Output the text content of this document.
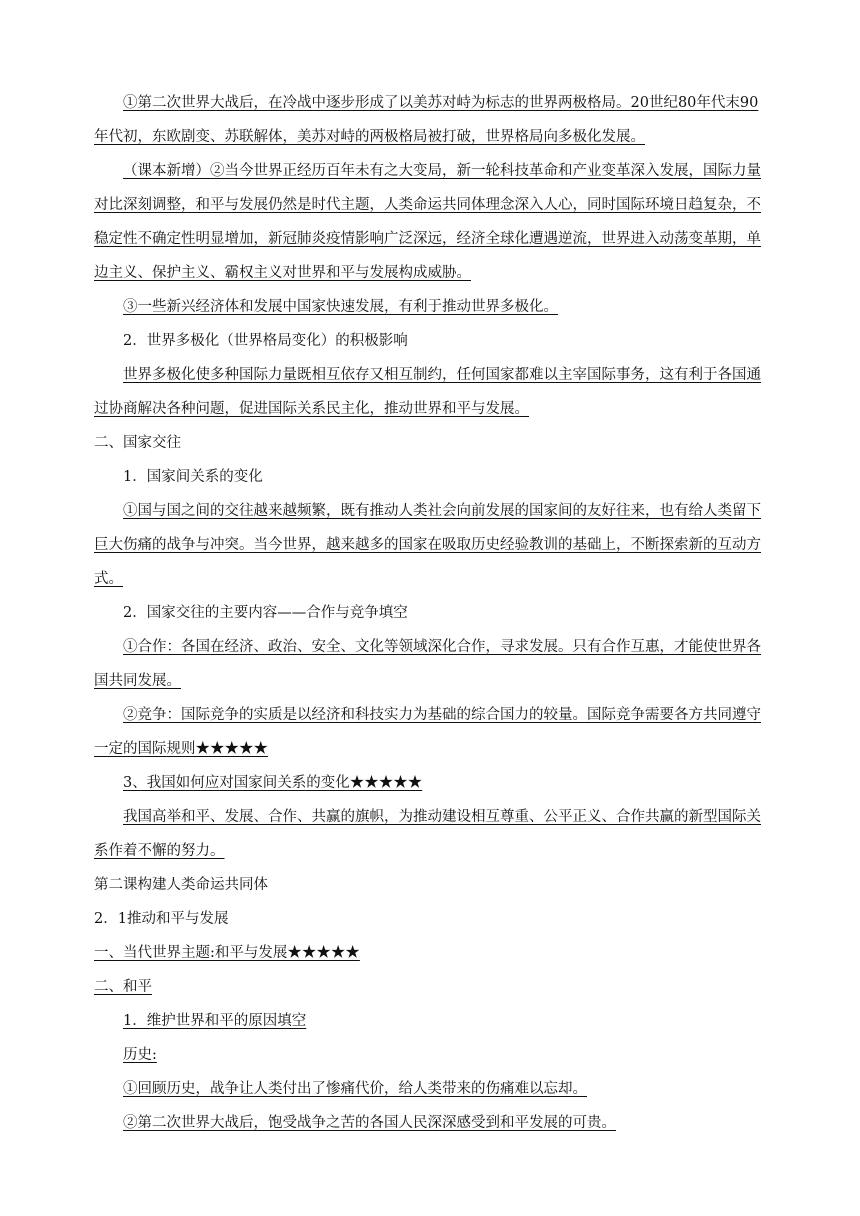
①第二次世界大战后，在冷战中逐步形成了以美苏对峙为标志的世界两极格局。20世纪80年代末90年代初，东欧剧变、苏联解体，美苏对峙的两极格局被打破，世界格局向多极化发展。

（课本新增）②当今世界正经历百年未有之大变局，新一轮科技革命和产业变革深入发展，国际力量对比深刻调整，和平与发展仍然是时代主题，人类命运共同体理念深入人心，同时国际环境日趋复杂，不稳定性不确定性明显增加，新冠肺炎疫情影响广泛深远，经济全球化遭遇逆流，世界进入动荡变革期，单边主义、保护主义、霸权主义对世界和平与发展构成威胁。

③一些新兴经济体和发展中国家快速发展，有利于推动世界多极化。

2．世界多极化（世界格局变化）的积极影响

世界多极化使多种国际力量既相互依存又相互制约，任何国家都难以主宰国际事务，这有利于各国通过协商解决各种问题，促进国际关系民主化，推动世界和平与发展。

二、国家交往

1．国家间关系的变化

①国与国之间的交往越来越频繁，既有推动人类社会向前发展的国家间的友好往来，也有给人类留下巨大伤痛的战争与冲突。当今世界，越来越多的国家在吸取历史经验教训的基础上，不断探索新的互动方式。

2．国家交往的主要内容——合作与竞争填空

①合作：各国在经济、政治、安全、文化等领域深化合作，寻求发展。只有合作互惠，才能使世界各国共同发展。

②竞争：国际竞争的实质是以经济和科技实力为基础的综合国力的较量。国际竞争需要各方共同遵守一定的国际规则★★★★★

3、我国如何应对国家间关系的变化★★★★★

我国高举和平、发展、合作、共赢的旗帜，为推动建设相互尊重、公平正义、合作共赢的新型国际关系作着不懈的努力。

第二课构建人类命运共同体

2．1推动和平与发展

一、当代世界主题:和平与发展★★★★★

二、和平

1．维护世界和平的原因填空

历史:

①回顾历史，战争让人类付出了惨痛代价，给人类带来的伤痛难以忘却。

②第二次世界大战后，饱受战争之苦的各国人民深深感受到和平发展的可贵。
